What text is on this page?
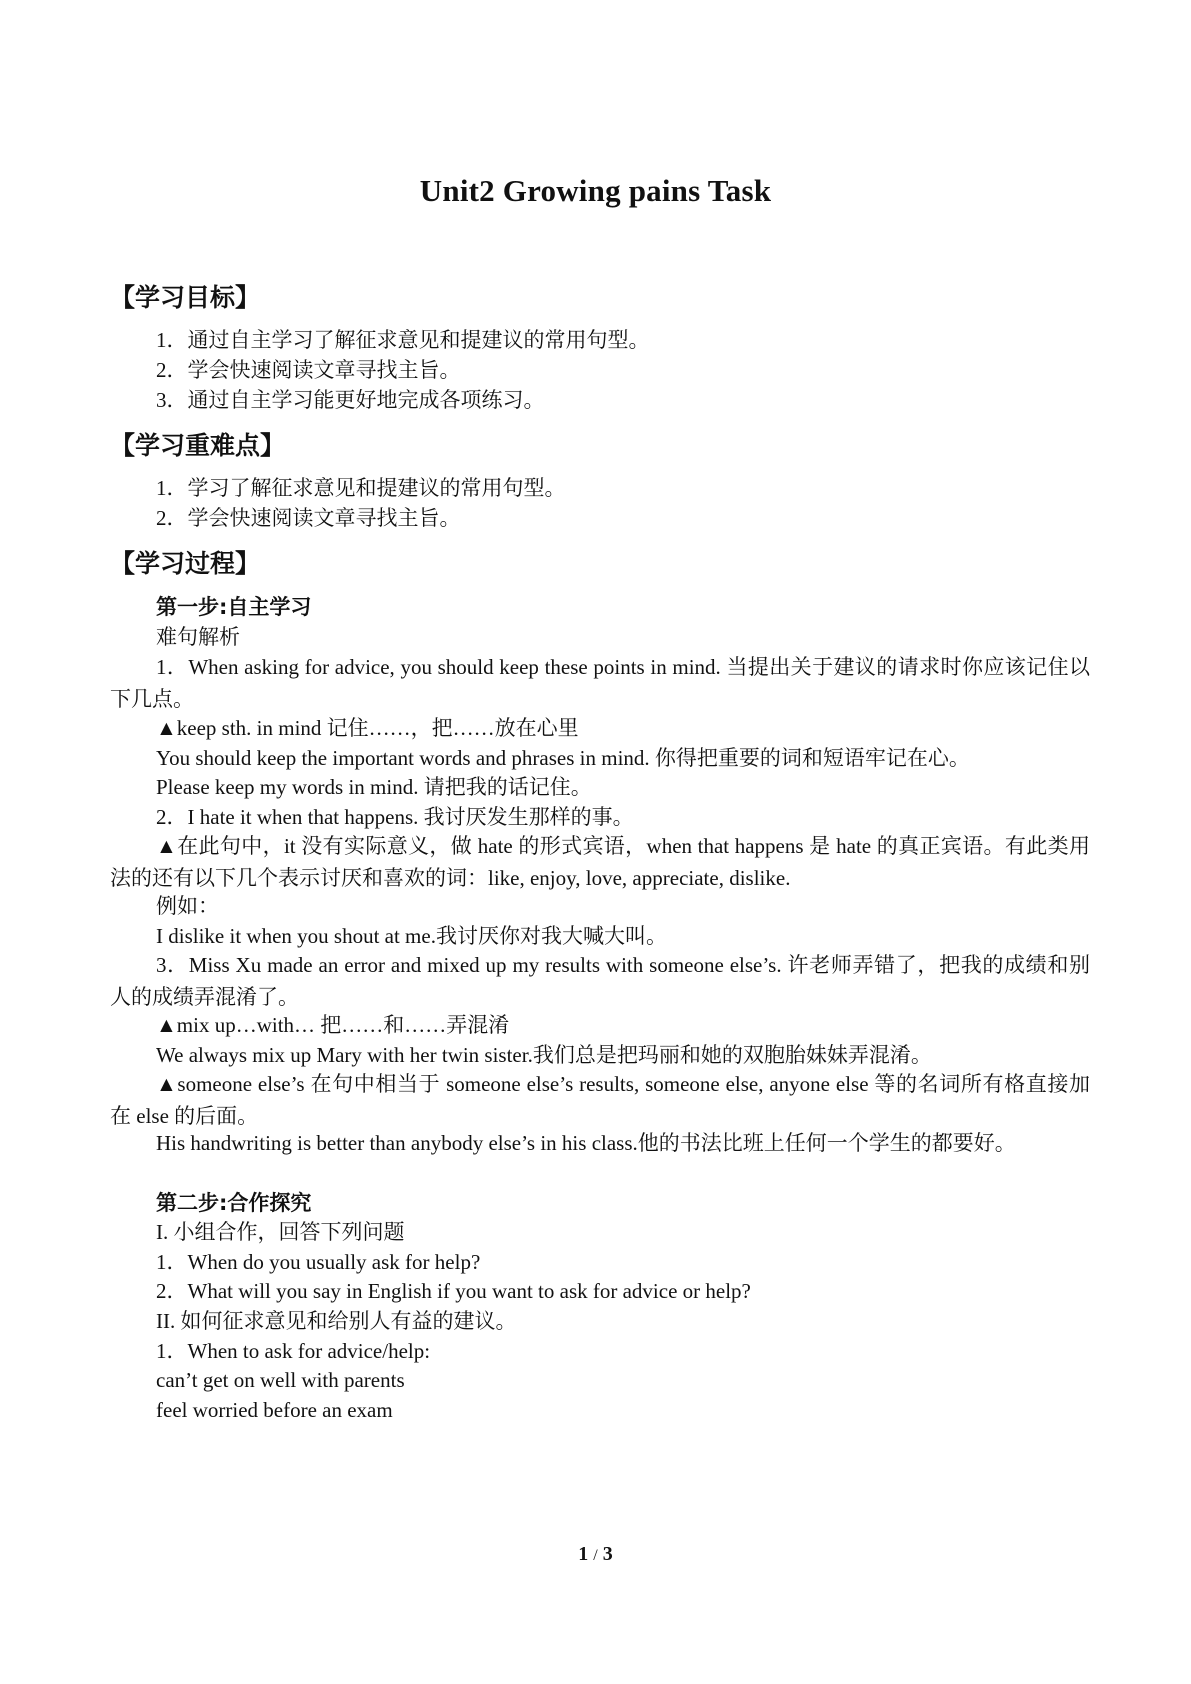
Unit2 Growing pains Task
【学习目标】
1．通过自主学习了解征求意见和提建议的常用句型。
2．学会快速阅读文章寻找主旨。
3．通过自主学习能更好地完成各项练习。
【学习重难点】
1．学习了解征求意见和提建议的常用句型。
2．学会快速阅读文章寻找主旨。
【学习过程】
第一步:自主学习
难句解析
1．When asking for advice, you should keep these points in mind. 当提出关于建议的请求时你应该记住以下几点。
▲keep sth. in mind 记住……，把……放在心里
You should keep the important words and phrases in mind. 你得把重要的词和短语牢记在心。
Please keep my words in mind. 请把我的话记住。
2．I hate it when that happens. 我讨厌发生那样的事。
▲在此句中，it 没有实际意义，做 hate 的形式宾语，when that happens 是 hate 的真正宾语。有此类用法的还有以下几个表示讨厌和喜欢的词：like, enjoy, love, appreciate, dislike.
例如：
I dislike it when you shout at me.我讨厌你对我大喊大叫。
3．Miss Xu made an error and mixed up my results with someone else’s. 许老师弄错了，把我的成绩和别人的成绩弄混淆了。
▲mix up…with… 把……和……弄混淆
We always mix up Mary with her twin sister.我们总是把玛丽和她的双胞胎妹妹弄混淆。
▲someone else’s 在句中相当于 someone else’s results, someone else, anyone else 等的名词所有格直接加在 else 的后面。
His handwriting is better than anybody else’s in his class.他的书法比班上任何一个学生的都要好。
第二步:合作探究
I. 小组合作，回答下列问题
1．When do you usually ask for help?
2．What will you say in English if you want to ask for advice or help?
II. 如何征求意见和给别人有益的建议。
1．When to ask for advice/help:
can’t get on well with parents
feel worried before an exam
1 / 3
